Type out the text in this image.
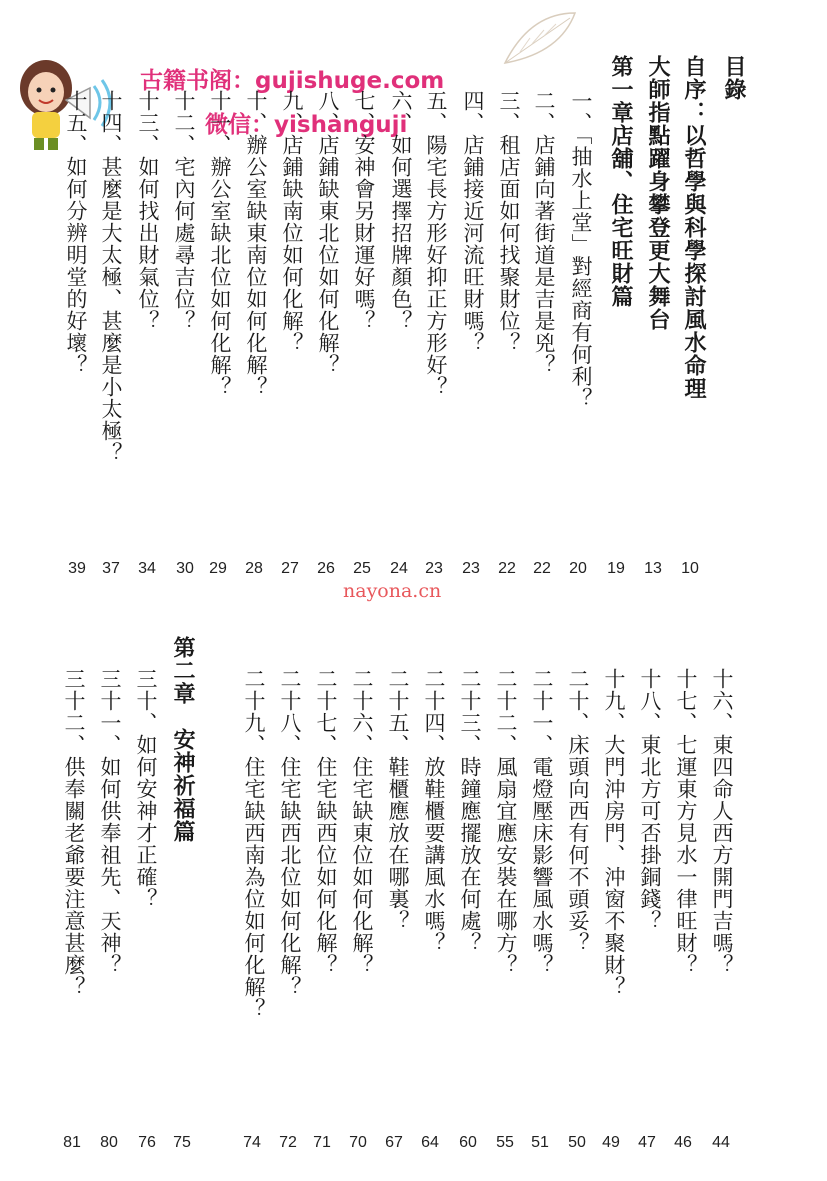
古籍书阁：gujishuge.com
微信：yishanguji
nayona.cn
目錄
自序：以哲學與科學探討風水命理
大師指點躍身攀登更大舞台
第一章店舖、住宅旺財篇
10
13
19
一、「抽水上堂」對經商有何利？
二、店鋪向著街道是吉是兇？
三、租店面如何找聚財位？
四、店鋪接近河流旺財嗎？
五、陽宅長方形好抑正方形好？
六、如何選擇招牌顏色？
七、安神會另財運好嗎？
八、店鋪缺東北位如何化解？
九、店鋪缺南位如何化解？
十、辦公室缺東南位如何化解？
十一、辦公室缺北位如何化解？
十二、宅內何處尋吉位？
十三、如何找出財氣位？
十四、甚麼是大太極、甚麼是小太極？
十五、如何分辨明堂的好壞？
20
22
22
23
23
24
25
26
27
28
29
30
34
37
39
十六、東四命人西方開門吉嗎？
十七、七運東方見水一律旺財？
十八、東北方可否掛銅錢？
十九、大門沖房門、沖窗不聚財？
二十、床頭向西有何不頭妥？
二十一、電燈壓床影響風水嗎？
二十二、風扇宜應安裝在哪方？
二十三、時鐘應擺放在何處？
二十四、放鞋櫃要講風水嗎？
二十五、鞋櫃應放在哪裏？
二十六、住宅缺東位如何化解？
二十七、住宅缺西位如何化解？
二十八、住宅缺西北位如何化解？
二十九、住宅缺西南為位如何化解？
第二章　安神祈福篇
三十、如何安神才正確？
三十一、如何供奉祖先、天神？
三十二、供奉關老爺要注意甚麼？
44
46
47
49
50
51
55
60
64
67
70
71
72
74
75
76
80
81
